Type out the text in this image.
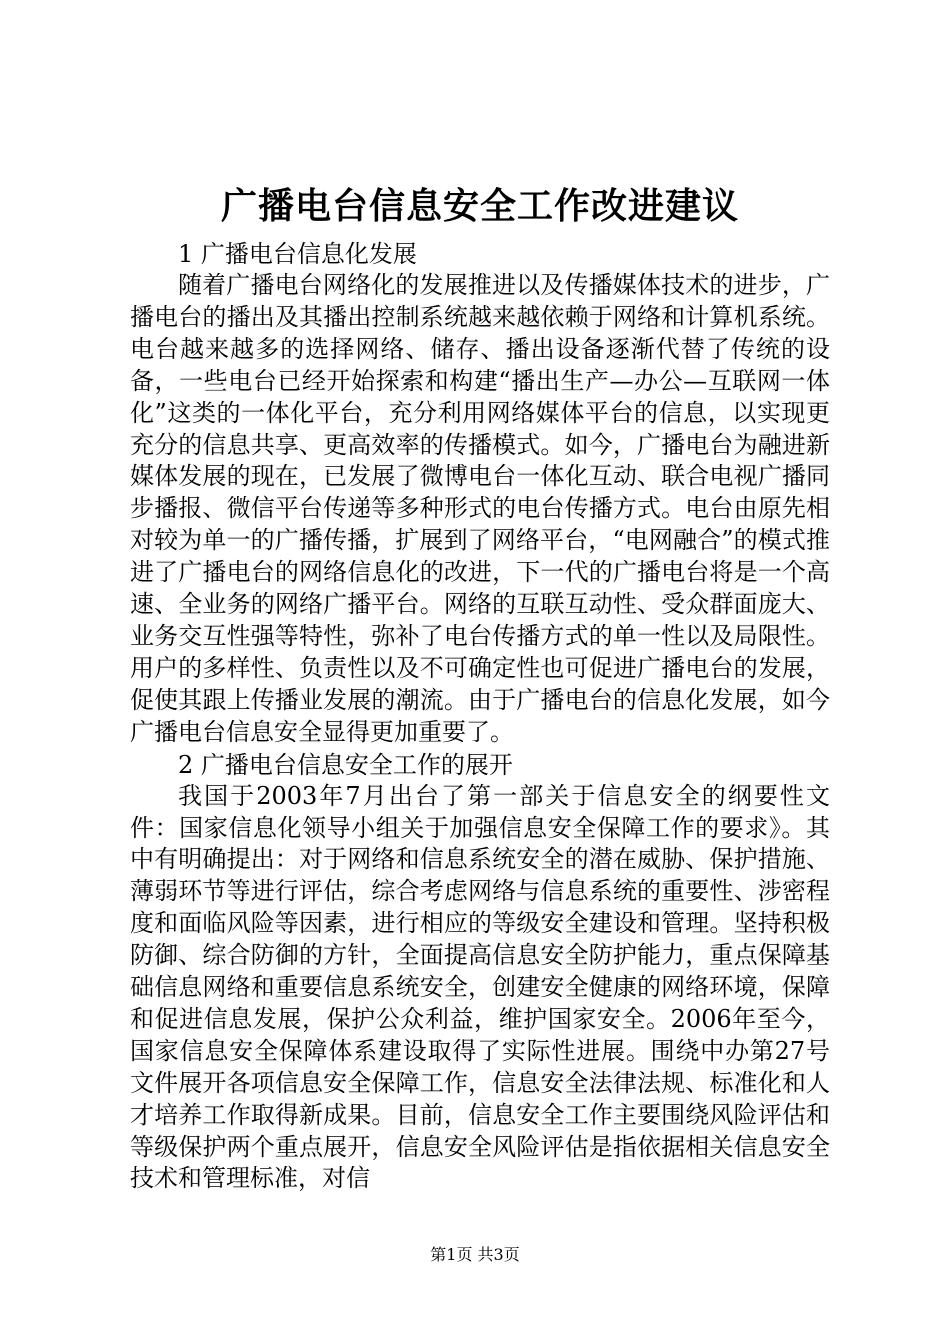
广播电台信息安全工作改进建议

1 广播电台信息化发展

随着广播电台网络化的发展推进以及传播媒体技术的进步，广播电台的播出及其播出控制系统越来越依赖于网络和计算机系统。电台越来越多的选择网络、储存、播出设备逐渐代替了传统的设备，一些电台已经开始探索和构建“播出生产—办公—互联网一体化”这类的一体化平台，充分利用网络媒体平台的信息，以实现更充分的信息共享、更高效率的传播模式。如今，广播电台为融进新媒体发展的现在，已发展了微博电台一体化互动、联合电视广播同步播报、微信平台传递等多种形式的电台传播方式。电台由原先相对较为单一的广播传播，扩展到了网络平台，“电网融合”的模式推进了广播电台的网络信息化的改进，下一代的广播电台将是一个高速、全业务的网络广播平台。网络的互联互动性、受众群面庞大、业务交互性强等特性，弥补了电台传播方式的单一性以及局限性。用户的多样性、负责性以及不可确定性也可促进广播电台的发展，促使其跟上传播业发展的潮流。由于广播电台的信息化发展，如今广播电台信息安全显得更加重要了。

2 广播电台信息安全工作的展开

我国于2003年7月出台了第一部关于信息安全的纲要性文件：国家信息化领导小组关于加强信息安全保障工作的要求》。其中有明确提出：对于网络和信息系统安全的潜在威胁、保护措施、薄弱环节等进行评估，综合考虑网络与信息系统的重要性、涉密程度和面临风险等因素，进行相应的等级安全建设和管理。坚持积极防御、综合防御的方针，全面提高信息安全防护能力，重点保障基础信息网络和重要信息系统安全，创建安全健康的网络环境，保障和促进信息发展，保护公众利益，维护国家安全。2006年至今，国家信息安全保障体系建设取得了实际性进展。围绕中办第27号文件展开各项信息安全保障工作，信息安全法律法规、标准化和人才培养工作取得新成果。目前，信息安全工作主要围绕风险评估和等级保护两个重点展开，信息安全风险评估是指依据相关信息安全技术和管理标准，对信

第1页 共3页
